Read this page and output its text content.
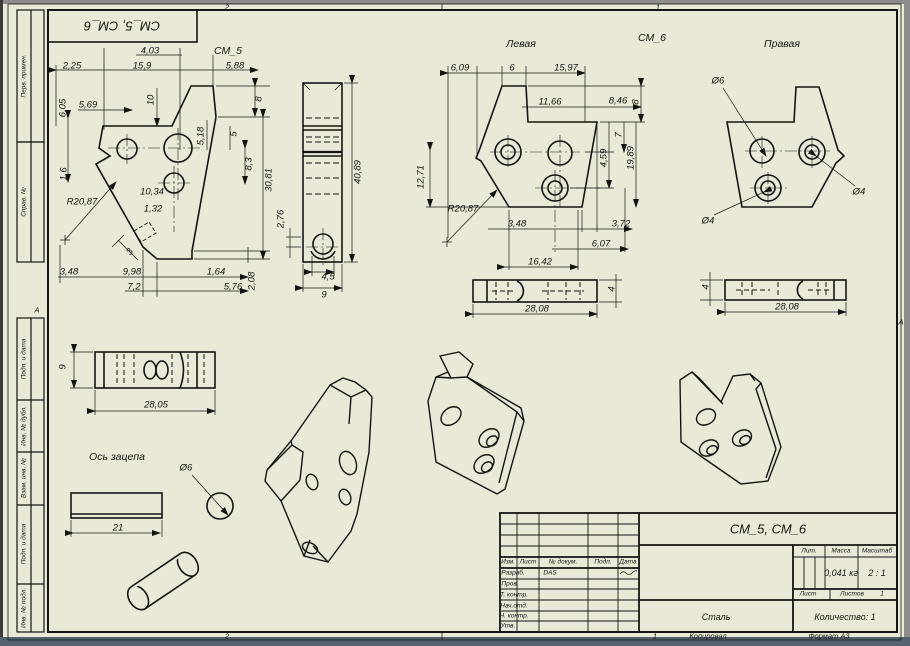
2	1
2	1	Копировал	Формат А3
А
А
СМ_5, СМ_6
Перв. примен.
Справ. №
Подп. и дата
Инв. № дубл.
Взам. инв. №
Подп. и дата
Инв. № подл.
СМ_5
Левая	СМ_6	Правая
Ось зацепа
2,25
4,03
15,9	5,88
6,05 5,69	10	8
5,18 5
8,3
30,81
1,6
R20,87
10,34
1,32
3
3,48	9,98
7,2
1,64
5,76 2,08
40,89
2,76
4,5
9
6,09	6	15,97
11,66	8,46 8
7
4,59 19,89
12,71
R20,87
3,48	3,72
6,07
16,42
Ø6
Ø4
Ø4
28,08
4
28,08
4
28,05
9
21
Ø6
СМ_5, СМ_6
Изм. Лист № докум.	Подп. Дата
Разраб.
Пров.
Т. контр.
Нач.отд.
Н. контр.
Утв.
DAS
Лит. Масса Масштаб
0,041 кг 2 : 1
Лист	Листов	1
Сталь	Количество: 1
